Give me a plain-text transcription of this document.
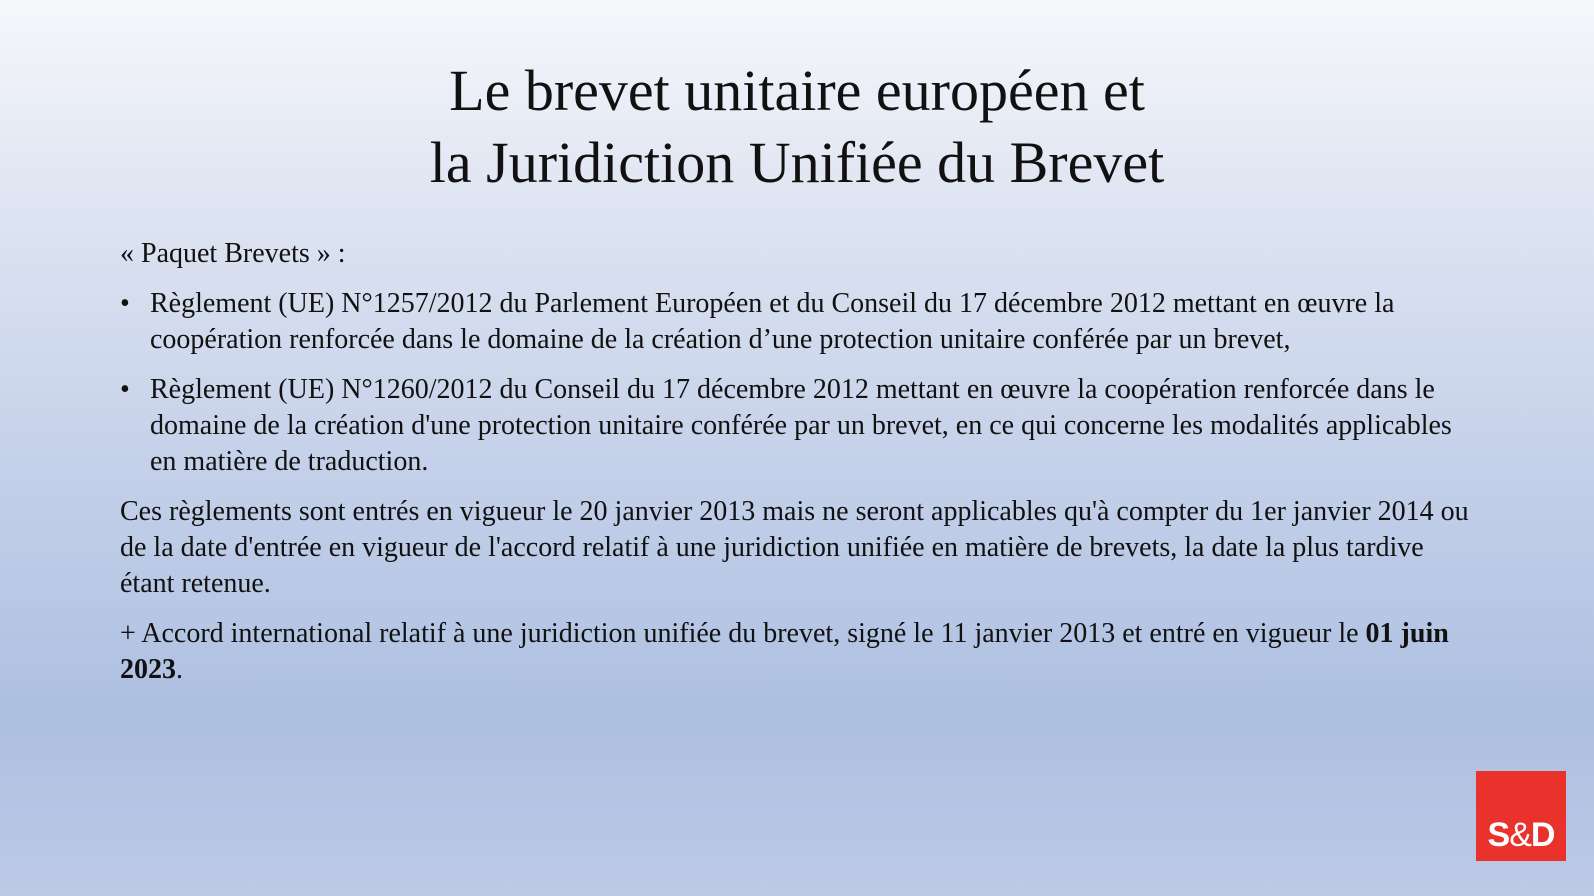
Le brevet unitaire européen et
la Juridiction Unifiée du Brevet

« Paquet Brevets » :

• Règlement (UE) N°1257/2012 du Parlement Européen et du Conseil du 17 décembre 2012 mettant en œuvre la coopération renforcée dans le domaine de la création d’une protection unitaire conférée par un brevet,
• Règlement (UE) N°1260/2012 du Conseil du 17 décembre 2012 mettant en œuvre la coopération renforcée dans le domaine de la création d'une protection unitaire conférée par un brevet, en ce qui concerne les modalités applicables en matière de traduction.

Ces règlements sont entrés en vigueur le 20 janvier 2013 mais ne seront applicables qu'à compter du 1er janvier 2014 ou de la date d'entrée en vigueur de l'accord relatif à une juridiction unifiée en matière de brevets, la date la plus tardive étant retenue.

+ Accord international relatif à une juridiction unifiée du brevet, signé le 11 janvier 2013 et entré en vigueur le 01 juin 2023.

S & D
